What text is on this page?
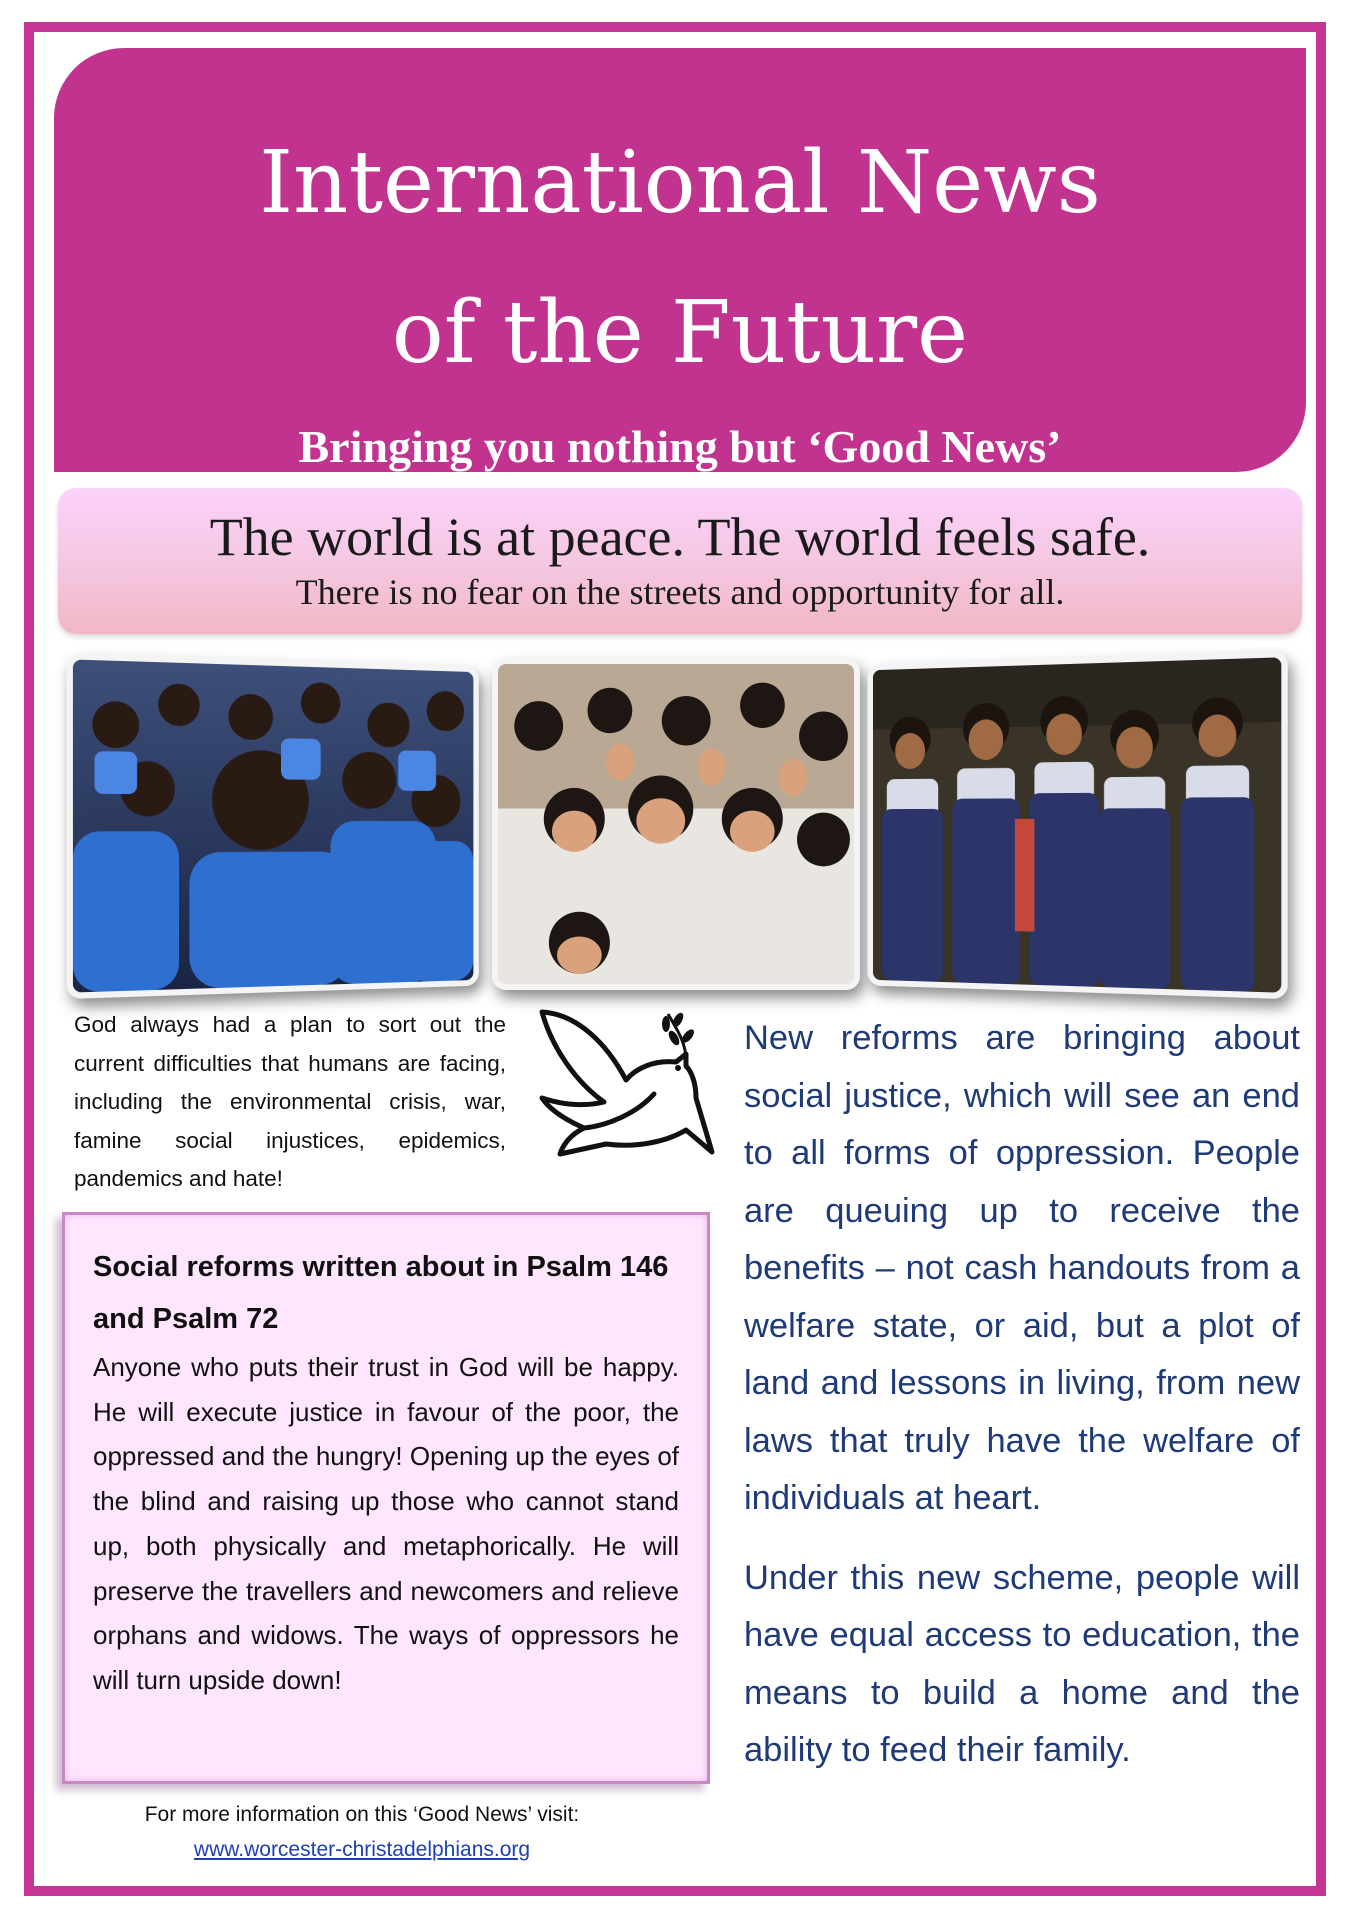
International News
of the Future
Bringing you nothing but ‘Good News’
The world is at peace. The world feels safe.
There is no fear on the streets and opportunity for all.
God always had a plan to sort out the current difficulties that humans are facing, including the environmental crisis, war, famine social injustices, epidemics, pandemics and hate!
Social reforms written about in Psalm 146 and Psalm 72
Anyone who puts their trust in God will be happy. He will execute justice in favour of the poor, the oppressed and the hungry! Opening up the eyes of the blind and raising up those who cannot stand up, both physically and metaphorically. He will preserve the travellers and newcomers and relieve orphans and widows. The ways of oppressors he will turn upside down!

New reforms are bringing about social justice, which will see an end to all forms of oppression. People are queuing up to receive the benefits – not cash handouts from a welfare state, or aid, but a plot of land and lessons in living, from new laws that truly have the welfare of individuals at heart.

Under this new scheme, people will have equal access to education, the means to build a home and the ability to feed their family.

For more information on this ‘Good News’ visit:
www.worcester-christadelphians.org
